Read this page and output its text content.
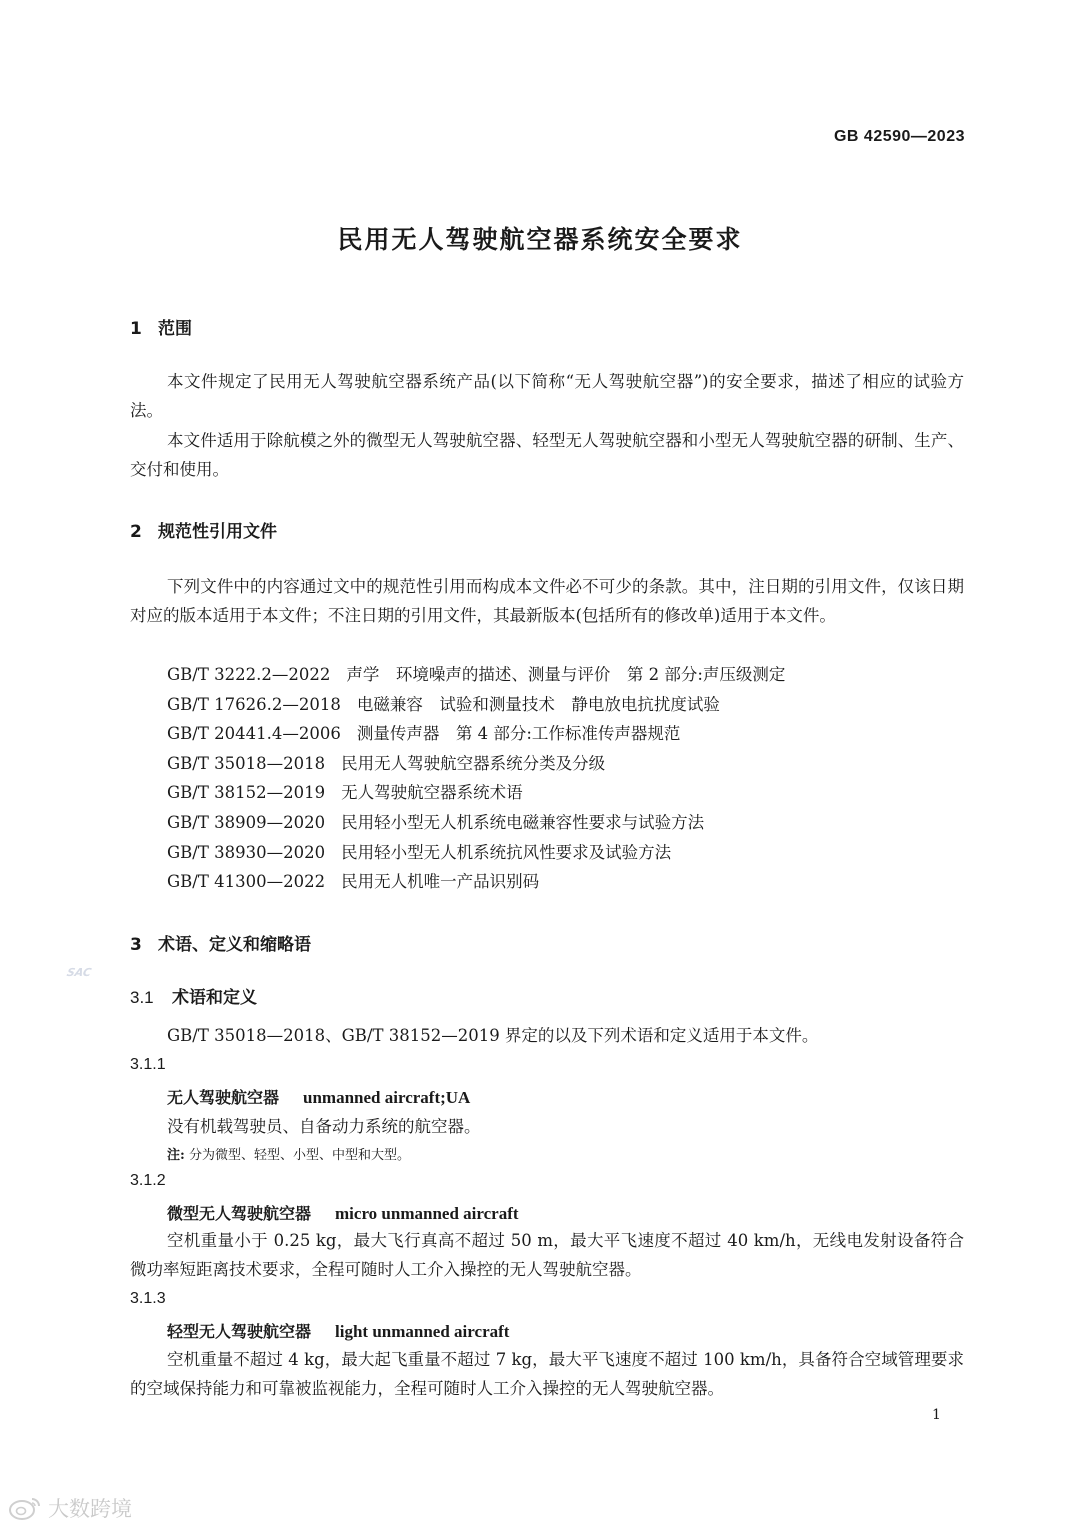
GB 42590—2023
民用无人驾驶航空器系统安全要求
1 范围
本文件规定了民用无人驾驶航空器系统产品(以下简称“无人驾驶航空器”)的安全要求，描述了相应的试验方法。
本文件适用于除航模之外的微型无人驾驶航空器、轻型无人驾驶航空器和小型无人驾驶航空器的研制、生产、交付和使用。
2 规范性引用文件
下列文件中的内容通过文中的规范性引用而构成本文件必不可少的条款。其中，注日期的引用文件，仅该日期对应的版本适用于本文件；不注日期的引用文件，其最新版本(包括所有的修改单)适用于本文件。
GB/T 3222.2—2022 声学　环境噪声的描述、测量与评价　第 2 部分:声压级测定
GB/T 17626.2—2018 电磁兼容　试验和测量技术　静电放电抗扰度试验
GB/T 20441.4—2006 测量传声器　第 4 部分:工作标准传声器规范
GB/T 35018—2018 民用无人驾驶航空器系统分类及分级
GB/T 38152—2019 无人驾驶航空器系统术语
GB/T 38909—2020 民用轻小型无人机系统电磁兼容性要求与试验方法
GB/T 38930—2020 民用轻小型无人机系统抗风性要求及试验方法
GB/T 41300—2022 民用无人机唯一产品识别码
3 术语、定义和缩略语
SAC
3.1 术语和定义
GB/T 35018—2018、GB/T 38152—2019 界定的以及下列术语和定义适用于本文件。
3.1.1
无人驾驶航空器 unmanned aircraft;UA
没有机载驾驶员、自备动力系统的航空器。
注: 分为微型、轻型、小型、中型和大型。
3.1.2
微型无人驾驶航空器 micro unmanned aircraft
空机重量小于 0.25 kg，最大飞行真高不超过 50 m，最大平飞速度不超过 40 km/h，无线电发射设备符合微功率短距离技术要求，全程可随时人工介入操控的无人驾驶航空器。
3.1.3
轻型无人驾驶航空器 light unmanned aircraft
空机重量不超过 4 kg，最大起飞重量不超过 7 kg，最大平飞速度不超过 100 km/h，具备符合空域管理要求的空域保持能力和可靠被监视能力，全程可随时人工介入操控的无人驾驶航空器。
1
大数跨境
